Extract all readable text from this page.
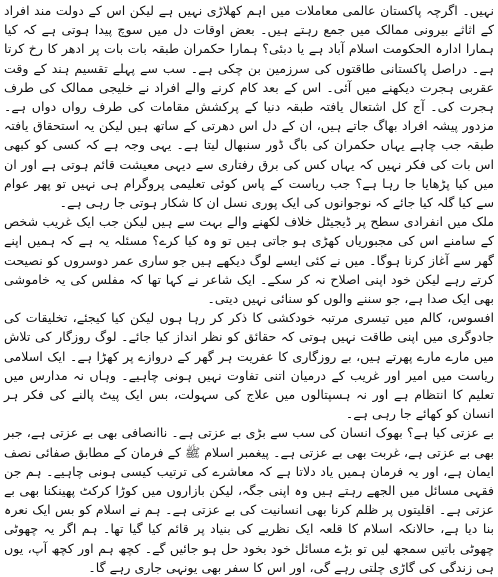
نہیں۔ اگرچہ پاکستان عالمی معاملات میں اہم کھلاڑی نہیں ہے لیکن اس کے دولت مند افراد کے اثاثے بیرونی ممالک میں جمع رہتے ہیں۔ بعض اوقات دل میں سوچ پیدا ہوتی ہے کہ کیا ہمارا ادارہ الحکومت اسلام آباد ہے یا دبئی؟ ہمارا حکمران طبقہ بات بات پر ادھر کا رخ کرتا ہے۔ دراصل پاکستانی طاقتوں کی سرزمین بن چکی ہے۔ سب سے پہلے تقسیم ہند کے وقت عقربی ہجرت دیکھنے میں آئی۔ اس کے بعد کام کرنے والے افراد نے خلیجی ممالک کی طرف ہجرت کی۔ آج کل اشتعال یافتہ طبقہ دنیا کے پرکشش مقامات کی طرف رواں دواں ہے۔ مزدور پیشہ افراد بھاگ جاتے ہیں، ان کے دل اس دھرتی کے ساتھ ہیں لیکن یہ استحقاق یافتہ طبقہ جب چاہے یہاں حکمران کی باگ ڈور سنبھال لیتا ہے۔ یہی وجہ ہے کہ کسی کو کبھی اس بات کی فکر نہیں کہ یہاں کس کی برق رفتاری سے دیہی معیشت قائم ہوتی ہے اور ان میں کیا پڑھایا جا رہا ہے؟ جب ریاست کے پاس کوئی تعلیمی پروگرام ہی نہیں تو پھر عوام سے کیا گلہ کیا جائے کہ نوجوانوں کی ایک پوری نسل ان کا شکار ہوتی جا رہی ہے۔

ملک میں انفرادی سطح پر ڈیجیٹل خلاف لکھنے والے بہت سے ہیں لیکن جب ایک غریب شخص کے سامنے اس کی مجبوریاں کھڑی ہو جاتی ہیں تو وہ کیا کرے؟ مسئلہ یہ ہے کہ ہمیں اپنے گھر سے آغاز کرنا ہوگا۔ میں نے کئی ایسے لوگ دیکھے ہیں جو ساری عمر دوسروں کو نصیحت کرتے رہے لیکن خود اپنی اصلاح نہ کر سکے۔ ایک شاعر نے کہا تھا کہ مفلس کی یہ خاموشی بھی ایک صدا ہے، جو سننے والوں کو سنائی نہیں دیتی۔

افسوس، کالم میں تیسری مرتبہ خودکشی کا ذکر کر رہا ہوں لیکن کیا کیجئے، تخلیقات کی جادوگری میں اپنی طاقت نہیں ہوتی کہ حقائق کو نظر انداز کیا جائے۔ لوگ روزگار کی تلاش میں مارے مارے پھرتے ہیں، بے روزگاری کا عفریت ہر گھر کے دروازے پر کھڑا ہے۔ ایک اسلامی ریاست میں امیر اور غریب کے درمیان اتنی تفاوت نہیں ہونی چاہیے۔ وہاں نہ مدارس میں تعلیم کا انتظام ہے اور نہ ہسپتالوں میں علاج کی سہولت، بس ایک پیٹ پالنے کی فکر ہر انسان کو کھائے جا رہی ہے۔

بے عزتی کیا ہے؟ بھوک انسان کی سب سے بڑی بے عزتی ہے۔ ناانصافی بھی بے عزتی ہے، جبر بھی بے عزتی ہے، غربت بھی بے عزتی ہے۔ پیغمبر اسلام ﷺ کے فرمان کے مطابق صفائی نصف ایمان ہے، اور یہ فرمان ہمیں یاد دلاتا ہے کہ معاشرے کی ترتیب کیسی ہونی چاہیے۔ ہم جن فقہی مسائل میں الجھے رہتے ہیں وہ اپنی جگہ، لیکن بازاروں میں کوڑا کرکٹ پھینکنا بھی بے عزتی ہے۔ اقلیتوں پر ظلم کرنا بھی انسانیت کی بے عزتی ہے۔ ہم نے اسلام کو بس ایک نعرہ بنا دیا ہے، حالانکہ اسلام کا قلعہ ایک نظریے کی بنیاد پر قائم کیا گیا تھا۔ ہم اگر یہ چھوٹی چھوٹی باتیں سمجھ لیں تو بڑے مسائل خود بخود حل ہو جائیں گے۔ کچھ ہم اور کچھ آپ، یوں ہی زندگی کی گاڑی چلتی رہے گی، اور اس کا سفر بھی یونہی جاری رہے گا۔
